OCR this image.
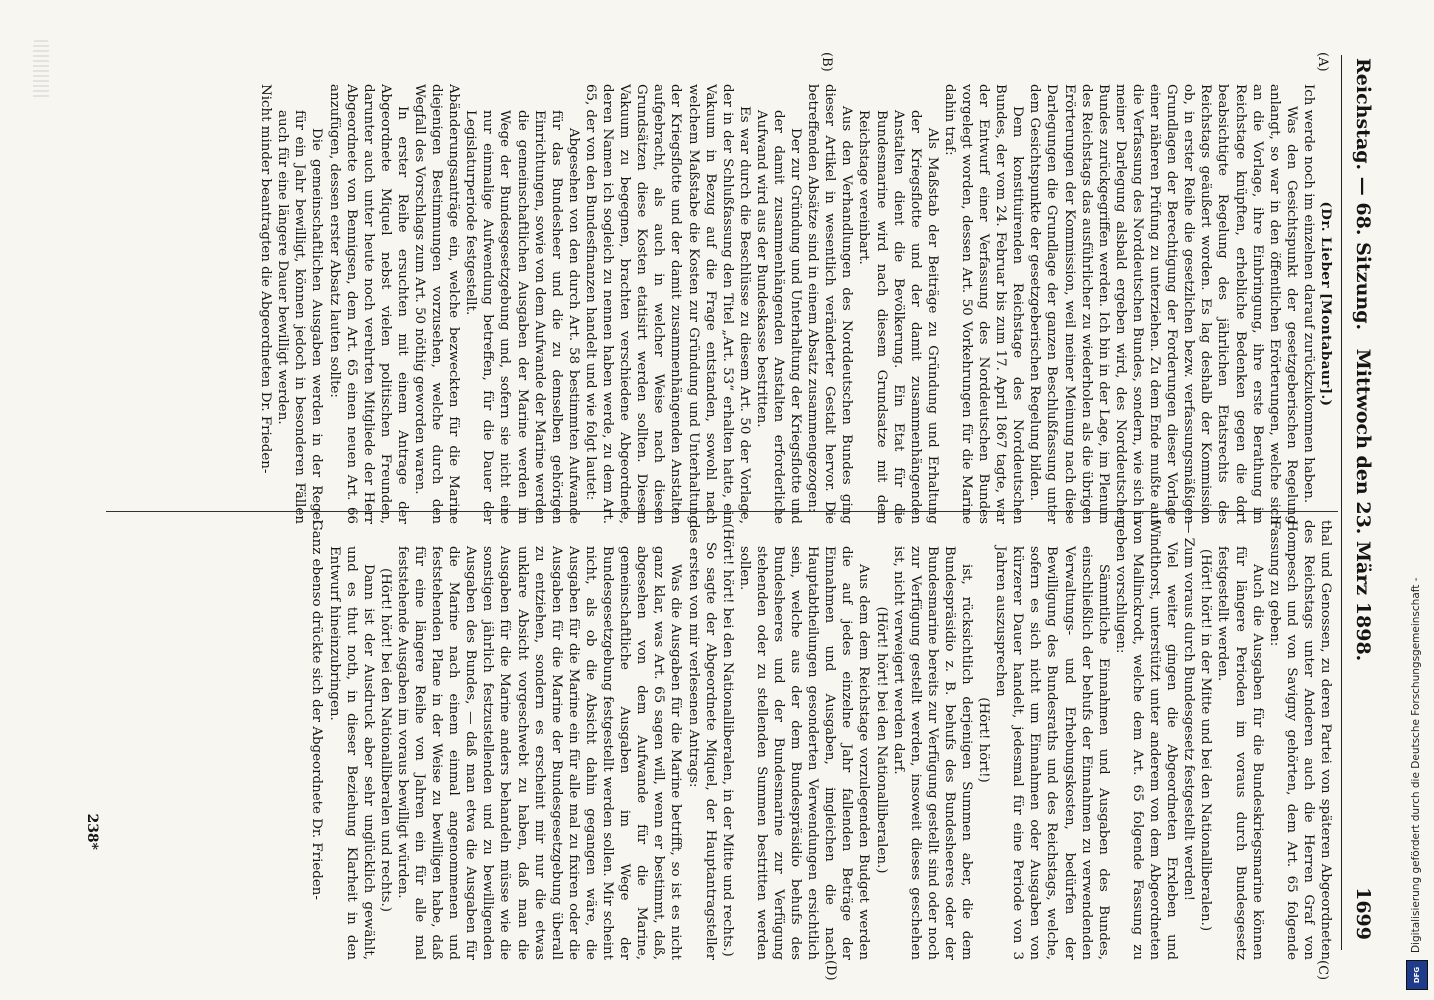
Reichstag. — 68. Sitzung.
Mittwoch den 23. März 1898.
1699
(A)
(B)
(C)
(D)

(Dr. Lieber [Montabaur].)

Ich werde noch im einzelnen darauf zurückzukommen haben.

Was den Gesichtspunkt der gesetzgeberischen Regelung anlangt, so war in den öffentlichen Erörterungen, welche sich an die Vorlage, ihre Einbringung, ihre erste Berathung im Reichstage knüpften, erhebliche Bedenken gegen die dort beabsichtigte Regelung des jährlichen Etatsrechts des Reichstags geäußert worden. Es lag deshalb der Kommission ob, in erster Reihe die gesetzlichen bezw. verfassungsmäßigen Grundlagen der Berechtigung der Forderungen dieser Vorlage einer näheren Prüfung zu unterziehen. Zu dem Ende mußte auf die Verfassung des Norddeutschen Bundes, sondern, wie sich in meiner Darlegung alsbald ergeben wird, des Norddeutschen Bundes zurückgegriffen werden. Ich bin in der Lage, im Plenum des Reichstags das ausführlicher zu wiederholen als die übrigen Erörterungen der Kommission, weil meiner Meinung nach diese Darlegungen die Grundlage der ganzen Beschlußfassung unter dem Gesichtspunkte der gesetzgeberischen Regelung bilden.

Dem konstituirenden Reichstage des Norddeutschen Bundes, der vom 24. Februar bis zum 17. April 1867 tagte, war der Entwurf einer Verfassung des Norddeutschen Bundes vorgelegt worden, dessen Art. 50 Vorkehrungen für die Marine dahin traf:

Als Maßstab der Beiträge zu Gründung und Erhaltung der Kriegsflotte und der damit zusammenhängenden Anstalten dient die Bevölkerung. Ein Etat für die Bundesmarine wird nach diesem Grundsatze mit dem Reichstage vereinbart.

Aus den Verhandlungen des Norddeutschen Bundes ging dieser Artikel in wesentlich veränderter Gestalt hervor. Die betreffenden Absätze sind in einem Absatz zusammengezogen:

Der zur Gründung und Unterhaltung der Kriegsflotte und der damit zusammenhängenden Anstalten erforderliche Aufwand wird aus der Bundeskasse bestritten.

Es war durch die Beschlüsse zu diesem Art. 50 der Vorlage, der in der Schlußfassung den Titel „Art. 53“ erhalten hatte, ein Vakuum in Bezug auf die Frage entstanden, sowohl nach welchem Maßstabe die Kosten zur Gründung und Unterhaltung der Kriegsflotte und der damit zusammenhängenden Anstalten aufgebracht, als auch in welcher Weise nach diesen Grundsätzen diese Kosten etatisirt werden sollten. Diesem Vakuum zu begegnen, brachten verschiedene Abgeordnete, deren Namen ich sogleich zu nennen haben werde, zu dem Art. 65, der von den Bundesfinanzen handelt und wie folgt lautet:

Abgesehen von den durch Art. 58 bestimmten Aufwande für das Bundesheer und die zu demselben gehörigen Einrichtungen, sowie von dem Aufwande der Marine werden die gemeinschaftlichen Ausgaben der Marine werden im Wege der Bundesgesetzgebung und, sofern sie nicht eine nur einmalige Aufwendung betreffen, für die Dauer der Legislaturperiode festgestellt.

Abänderungsanträge ein, welche bezweckten für die Marine diejenigen Bestimmungen vorzusehen, welche durch den Wegfall des Vorschlags zum Art. 50 nöthig geworden waren.

In erster Reihe ersuchten mit einem Antrage der Abgeordnete Miquel nebst vielen politischen Freunden, darunter auch unter heute noch verehrten Mitgliede der Herr Abgeordnete von Bennigsen, dem Art. 65 einen neuen Art. 66 anzufügen, dessen erster Absatz lauten sollte:

Die gemeinschaftlichen Ausgaben werden in der Regel für ein Jahr bewilligt, können jedoch in besonderen Fällen auch für eine längere Dauer bewilligt werden.

Nicht minder beantragten die Abgeordneten Dr. Frieden-

thal und Genossen, zu deren Partei von späteren Abgeordneten des Reichstags unter Anderen auch die Herren Graf von Hompesch und von Savigny gehörten, dem Art. 65 folgende Fassung zu geben:

Auch die Ausgaben für die Bundeskriegsmarine können für längere Perioden im voraus durch Bundesgesetz festgestellt werden.

(Hört! hört! in der Mitte und bei den Nationalliberalen.)

— Zum voraus durch Bundesgesetz festgestellt werden!

Viel weiter gingen die Abgeordneten Erxleben und Windthorst, unterstützt unter anderem von dem Abgeordneten von Mallinckrodt, welche dem Art. 65 folgende Fassung zu geben vorschlugen:

Sämmtliche Einnahmen und Ausgaben des Bundes, einschließlich der behufs der Einnahmen zu verwendenden Verwaltungs- und Erhebungskosten, bedürfen der Bewilligung des Bundesraths und des Reichstags, welche, sofern es sich nicht um Einnahmen oder Ausgaben von kürzerer Dauer handelt, jedesmal für eine Periode von 3 Jahren auszusprechen

(Hört! hört!)

ist, rücksichtlich derjenigen Summen aber, die dem Bundespräsidio z. B. behufs des Bundesheeres oder der Bundesmarine bereits zur Verfügung gestellt sind oder noch zur Verfügung gestellt werden, insoweit dieses geschehen ist, nicht verweigert werden darf.

(Hört! hört! bei den Nationalliberalen.)

Aus dem dem Reichstage vorzulegenden Budget werden die auf jedes einzelne Jahr fallenden Beträge der Einnahmen und Ausgaben, imgleichen die nach Hauptabtheilungen gesonderten Verwendungen ersichtlich sein, welche aus der dem Bundespräsidio behufs des Bundesheeres und der Bundesmarine zur Verfügung stehenden oder zu stellenden Summen bestritten werden sollen.

(Hört! hört! bei den Nationalliberalen, in der Mitte und rechts.)

So sagte der Abgeordnete Miquel, der Hauptantragsteller des ersten von mir verlesenen Antrags:

Was die Ausgaben für die Marine betrifft, so ist es nicht ganz klar, was Art. 65 sagen will, wenn er bestimmt, daß, abgesehen von dem Aufwande für die Marine, gemeinschaftliche Ausgaben im Wege der Bundesgesetzgebung festgestellt werden sollen. Mir scheint nicht, als ob die Absicht dahin gegangen wäre, die Ausgaben für die Marine ein für alle mal zu fixiren oder die Ausgaben für die Marine der Bundesgesetzgebung überall zu entziehen, sondern es erscheint mir nur die etwas unklare Absicht vorgeschwebt zu haben, daß man die Ausgaben für die Marine anders behandeln müsse wie die sonstigen jährlich festzustellenden und zu bewilligenden Ausgaben des Bundes, — daß man etwa die Ausgaben für die Marine nach einem einmal angenommenen und feststehenden Plane in der Weise zu bewilligen habe, daß für eine längere Reihe von Jahren ein für alle mal feststehende Ausgaben im voraus bewilligt würden.

(Hört! hört! bei den Nationalliberalen und rechts.)

Dann ist der Ausdruck aber sehr unglücklich gewählt, und es thut noth, in dieser Beziehung Klarheit in den Entwurf hineinzubringen.

Ganz ebenso drückte sich der Abgeordnete Dr. Frieden-

238*	Digitalisierung gefördert durch die Deutsche Forschungsgemeinschaft -
DFG
